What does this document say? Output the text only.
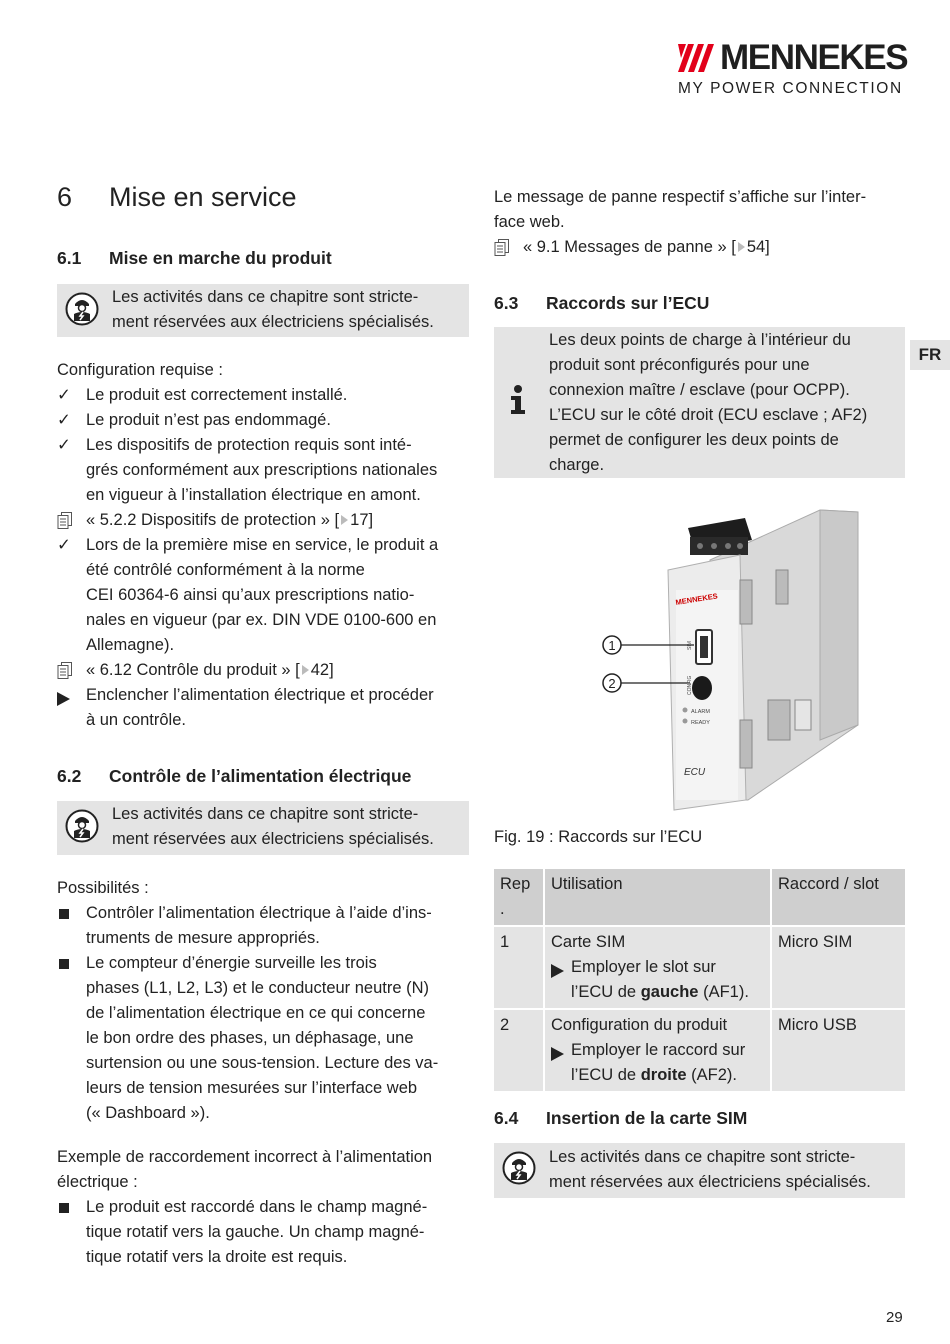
MENNEKES
MY POWER CONNECTION
FR
6 Mise en service
6.1 Mise en marche du produit
Les activités dans ce chapitre sont stricte-
ment réservées aux électriciens spécialisés.
Configuration requise :
✓ Le produit est correctement installé.
✓ Le produit n’est pas endommagé.
✓ Les dispositifs de protection requis sont inté-
grés conformément aux prescriptions nationales
en vigueur à l’installation électrique en amont.
« 5.2.2 Dispositifs de protection » [ 17]
✓ Lors de la première mise en service, le produit a
été contrôlé conformément à la norme
CEI 60364-6 ainsi qu’aux prescriptions natio-
nales en vigueur (par ex. DIN VDE 0100-600 en
Allemagne).
« 6.12 Contrôle du produit » [ 42]
Enclencher l’alimentation électrique et procéder
à un contrôle.
6.2 Contrôle de l’alimentation électrique
Les activités dans ce chapitre sont stricte-
ment réservées aux électriciens spécialisés.
Possibilités :
Contrôler l’alimentation électrique à l’aide d’ins-
truments de mesure appropriés.
Le compteur d’énergie surveille les trois
phases (L1, L2, L3) et le conducteur neutre (N)
de l’alimentation électrique en ce qui concerne
le bon ordre des phases, un déphasage, une
surtension ou une sous-tension. Lecture des va-
leurs de tension mesurées sur l’interface web
(« Dashboard »).
Exemple de raccordement incorrect à l’alimentation
électrique :
Le produit est raccordé dans le champ magné-
tique rotatif vers la gauche. Un champ magné-
tique rotatif vers la droite est requis.
Le message de panne respectif s’affiche sur l’inter-
face web.
« 9.1 Messages de panne » [ 54]
6.3 Raccords sur l’ECU
Les deux points de charge à l’intérieur du
produit sont préconfigurés pour une
connexion maître / esclave (pour OCPP).
L’ECU sur le côté droit (ECU esclave ; AF2)
permet de configurer les deux points de
charge.
1
2
MENNEKES
SIM
CONFIG
ALARM
READY
ECU
Fig. 19 : Raccords sur l’ECU
Rep
.	Utilisation	Raccord / slot
1	Carte SIM
Employer le slot sur
l’ECU de gauche (AF1).	Micro SIM
2	Configuration du produit
Employer le raccord sur
l’ECU de droite (AF2).	Micro USB
6.4 Insertion de la carte SIM
Les activités dans ce chapitre sont stricte-
ment réservées aux électriciens spécialisés.
29
